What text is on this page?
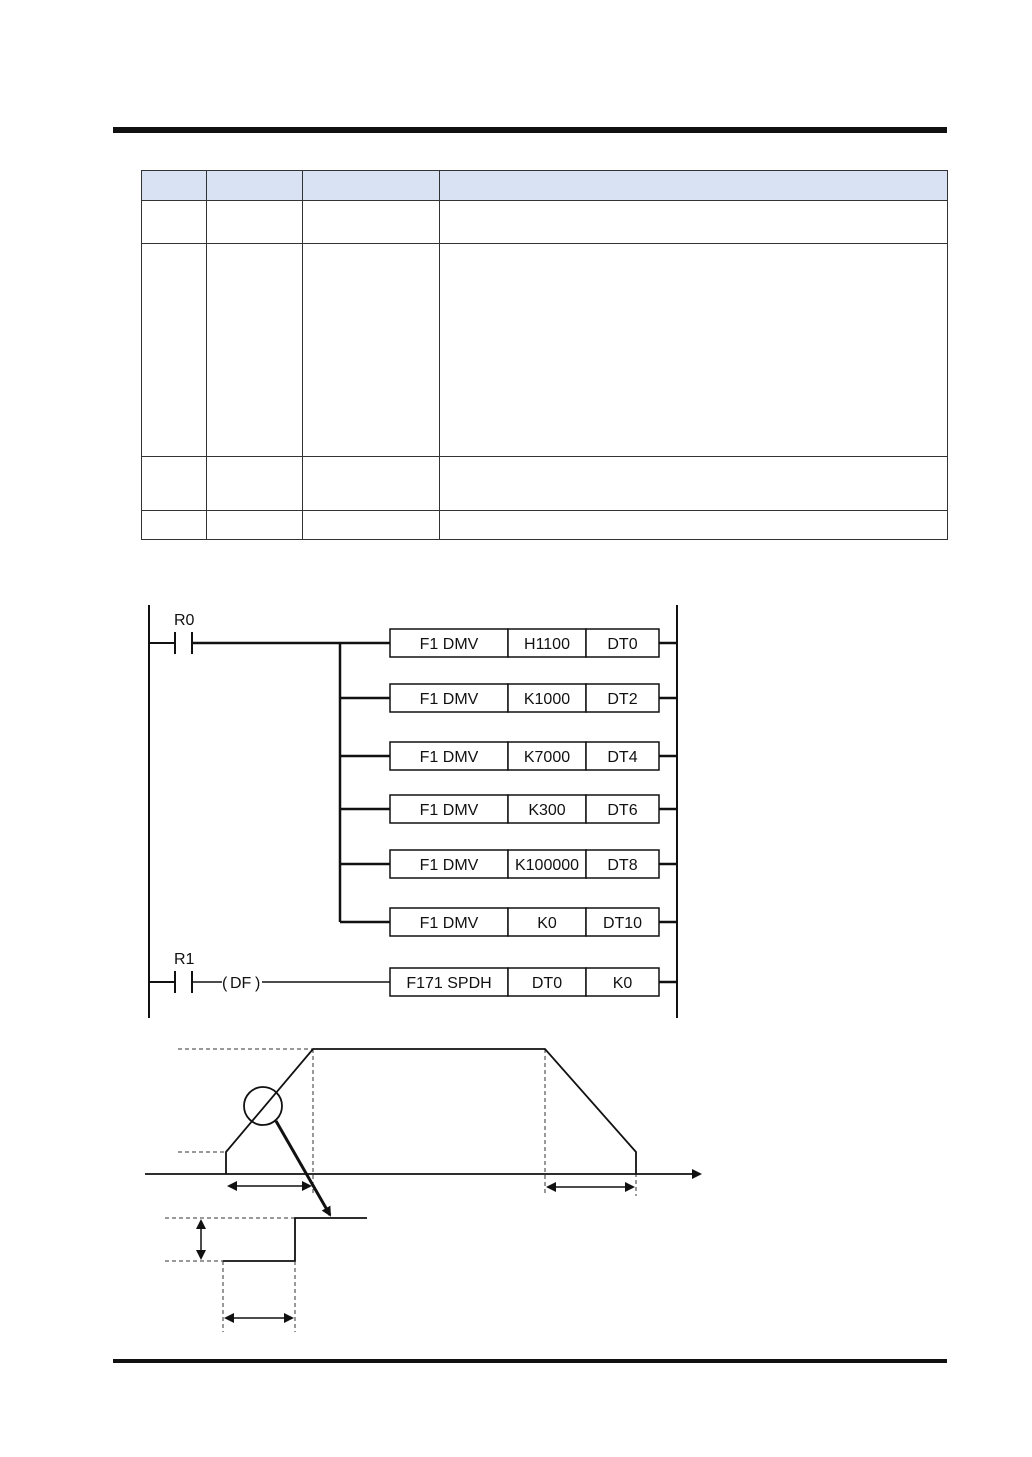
R0
R1
( DF )
F1 DMV	H1100 DT0
F1 DMV	K1000 DT2
F1 DMV	K7000 DT4
F1 DMV	K300	DT6
F1 DMV K100000 DT8
F1 DMV	K0	DT10
F171 SPDH	DT0	K0
